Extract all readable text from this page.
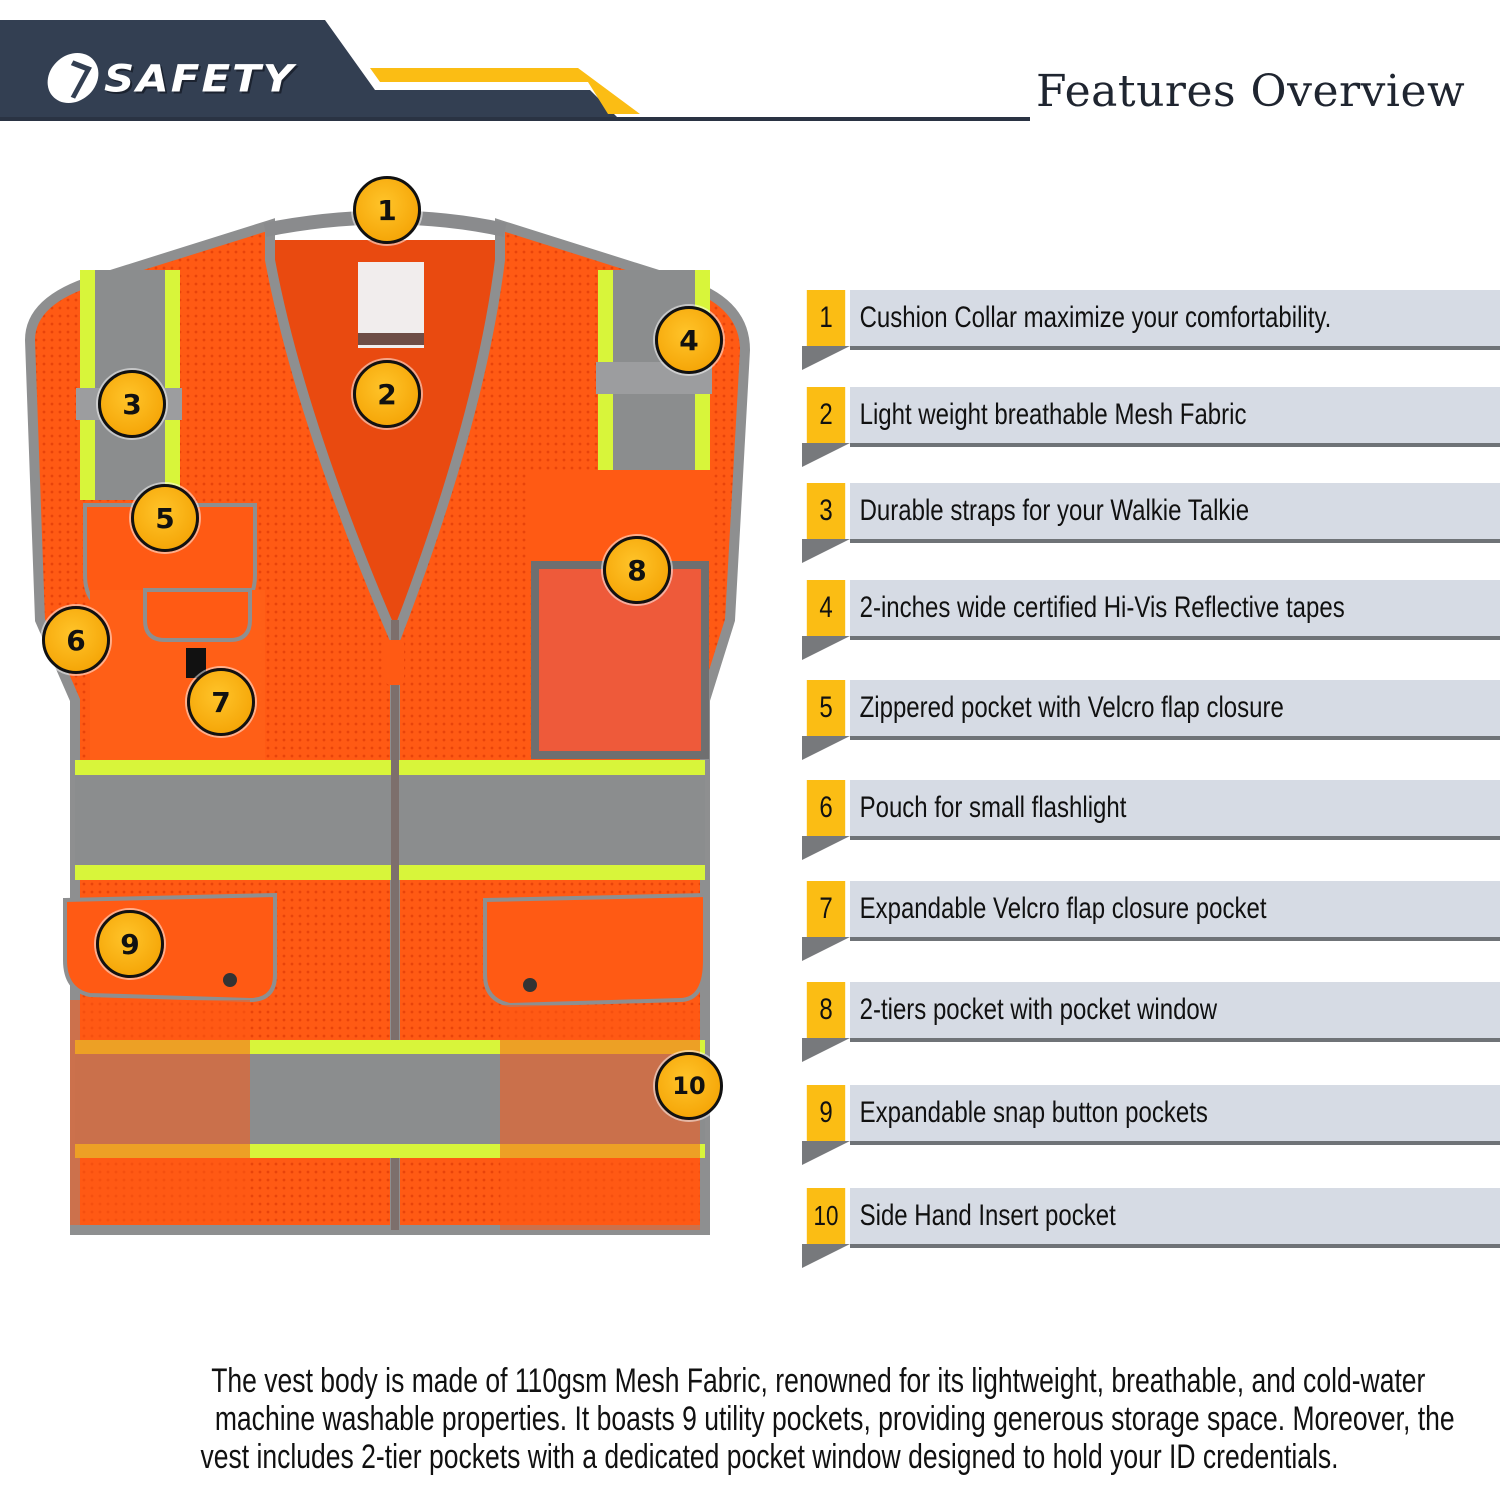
SAFETY	Features Overview
1
2
3
4
5
6
7
8
9
10
1 Cushion Collar maximize your comfortability.
2 Light weight breathable Mesh Fabric
3 Durable straps for your Walkie Talkie
4 2-inches wide certified Hi-Vis Reflective tapes
5 Zippered pocket with Velcro flap closure
6 Pouch for small flashlight
7 Expandable Velcro flap closure pocket
8 2-tiers pocket with pocket window
9 Expandable snap button pockets
10 Side Hand Insert pocket
The vest body is made of 110gsm Mesh Fabric, renowned for its lightweight, breathable, and cold-water
machine washable properties. It boasts 9 utility pockets, providing generous storage space. Moreover, the
vest includes 2-tier pockets with a dedicated pocket window designed to hold your ID credentials.
